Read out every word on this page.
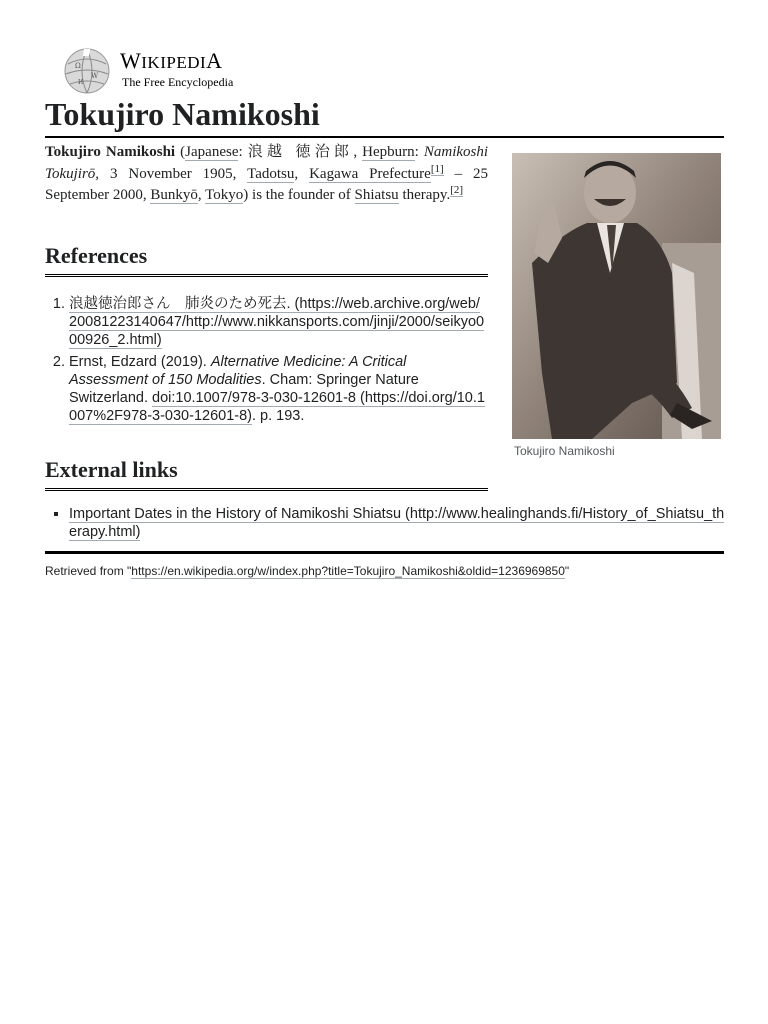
Ω
W
И
WIKIPEDIA
The Free Encyclopedia
Tokujiro Namikoshi

Tokujiro Namikoshi (Japanese: 浪越 徳治郎, Hepburn: Namikoshi Tokujirō, 3 November 1905, Tadotsu, Kagawa Prefecture[1] – 25 September 2000, Bunkyō, Tokyo) is the founder of Shiatsu therapy.[2]

Tokujiro Namikoshi
References
1. 浪越徳治郎さん　肺炎のため死去. (https://web.archive.org/web/20081223140647/http://www.nikkansports.com/jinji/2000/seikyo000926_2.html)
2. Ernst, Edzard (2019). Alternative Medicine: A Critical Assessment of 150 Modalities. Cham: Springer Nature Switzerland. doi:10.1007/978-3-030-12601-8 (https://doi.org/10.1007%2F978-3-030-12601-8). p. 193.
External links
▪ Important Dates in the History of Namikoshi Shiatsu (http://www.healinghands.fi/History_of_Shiatsu_therapy.html)
Retrieved from "https://en.wikipedia.org/w/index.php?title=Tokujiro_Namikoshi&oldid=1236969850"
